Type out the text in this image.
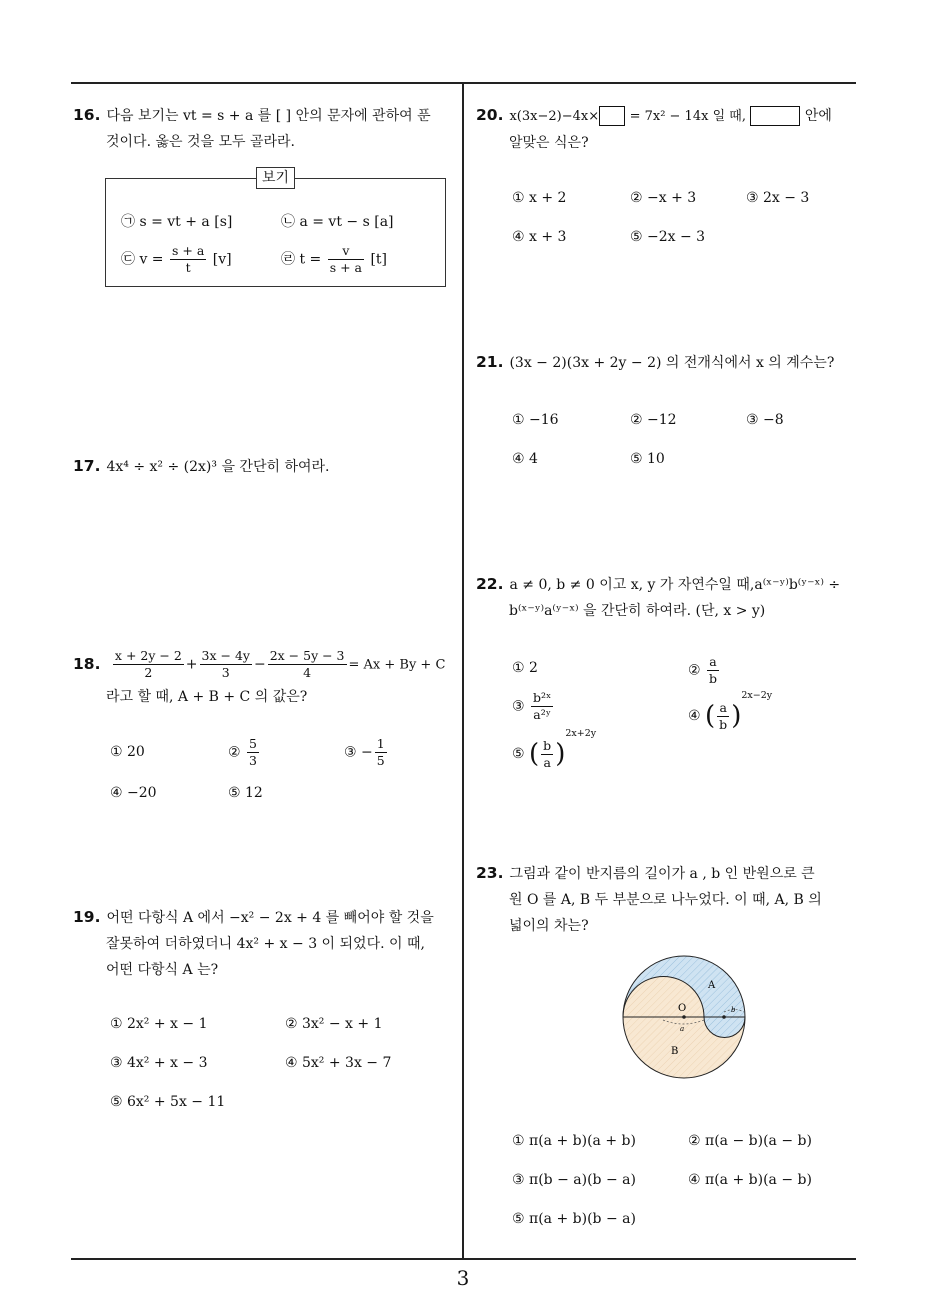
16. 다음 보기는 vt = s + a 를 [ ] 안의 문자에 관하여 푼
것이다. 옳은 것을 모두 골라라.
보기
㉠ s = vt + a [s]	㉡ a = vt − s [a]
㉢ $v = \frac{s + a}{t} [v]$	㉣ $t = \frac{v}{s + a} [t]$
17. 4x⁴ ÷ x² ÷ (2x)³ 을 간단히 하여라.
18. $\frac{x + 2y - 2}{2} + \frac{3x - 4y}{3} - \frac{2x - 5y - 3}{4} = Ax + By + C$
라고 할 때, A + B + C 의 값은?
① 20	② $\frac{5}{3}$	③ − $\frac{1}{5}$
④ −20	⑤ 12
19. 어떤 다항식 A 에서 −x² − 2x + 4 를 빼어야 할 것을
잘못하여 더하였더니 4x² + x − 3 이 되었다. 이 때,
어떤 다항식 A 는?
① 2x² + x − 1	② 3x² − x + 1
③ 4x² + x − 3	④ 5x² + 3x − 7
⑤ 6x² + 5x − 11
20. x(3x−2)−4x× = 7x² − 14x 일 때,	안에
알맞은 식은?
① x + 2	② −x + 3	③ 2x − 3
④ x + 3	⑤ −2x − 3
21. (3x − 2)(3x + 2y − 2) 의 전개식에서 x 의 계수는?
① −16	② −12	③ −8
④ 4	⑤ 10
22. a ≠ 0, b ≠ 0 이고 x, y 가 자연수일 때,a⁽ˣ⁻ʸ⁾b⁽ʸ⁻ˣ⁾ ÷
b⁽ˣ⁻ʸ⁾a⁽ʸ⁻ˣ⁾ 을 간단히 하여라. (단, x > y)
① 2	② $\frac{a}{b}$
③ $\frac{\text{b²ˣ}}{\text{a²ʸ}}$	④ ( $\frac{a}{b} )^{2x-2y}$
⑤ ( $\frac{b}{a} )^{2x+2y}$
23. 그림과 같이 반지름의 길이가 a , b 인 반원으로 큰
원 O 를 A, B 두 부분으로 나누었다. 이 때, A, B 의
넓이의 차는?
A
B
O
a
b
① π(a + b)(a + b)	② π(a − b)(a − b)
③ π(b − a)(b − a)	④ π(a + b)(a − b)
⑤ π(a + b)(b − a)
3
